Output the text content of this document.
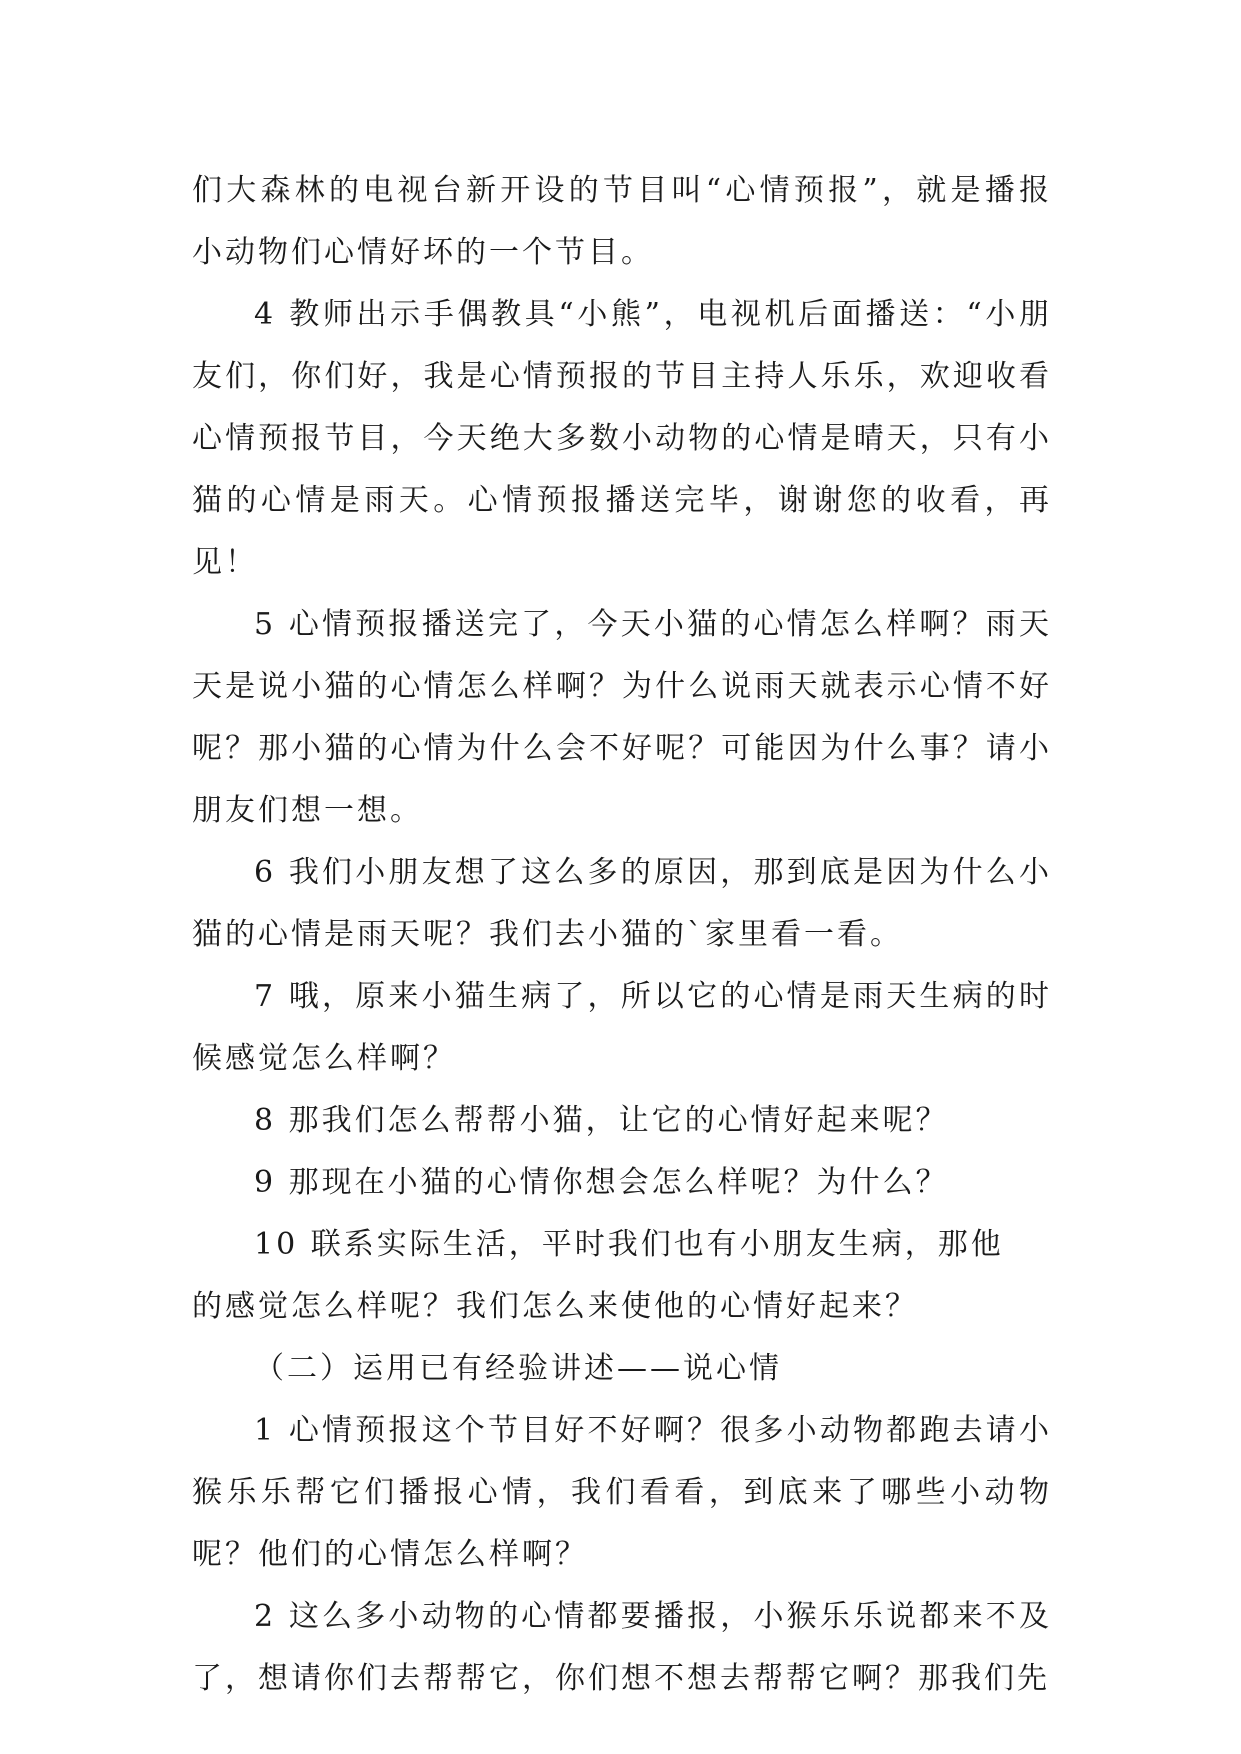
们大森林的电视台新开设的节目叫“心情预报”，就是播报小动物们心情好坏的一个节目。

4 教师出示手偶教具“小熊”，电视机后面播送：“小朋友们，你们好，我是心情预报的节目主持人乐乐，欢迎收看心情预报节目，今天绝大多数小动物的心情是晴天，只有小猫的心情是雨天。心情预报播送完毕，谢谢您的收看，再见！

5 心情预报播送完了，今天小猫的心情怎么样啊？雨天天是说小猫的心情怎么样啊？为什么说雨天就表示心情不好呢？那小猫的心情为什么会不好呢？可能因为什么事？请小朋友们想一想。

6 我们小朋友想了这么多的原因，那到底是因为什么小猫的心情是雨天呢？我们去小猫的`家里看一看。

7 哦，原来小猫生病了，所以它的心情是雨天生病的时候感觉怎么样啊？

8 那我们怎么帮帮小猫，让它的心情好起来呢？

9 那现在小猫的心情你想会怎么样呢？为什么？

10 联系实际生活，平时我们也有小朋友生病，那他

的感觉怎么样呢？我们怎么来使他的心情好起来？

（二）运用已有经验讲述——说心情

1 心情预报这个节目好不好啊？很多小动物都跑去请小猴乐乐帮它们播报心情，我们看看，到底来了哪些小动物呢？他们的心情怎么样啊？

2 这么多小动物的心情都要播报，小猴乐乐说都来不及了，想请你们去帮帮它，你们想不想去帮帮它啊？那我们先
